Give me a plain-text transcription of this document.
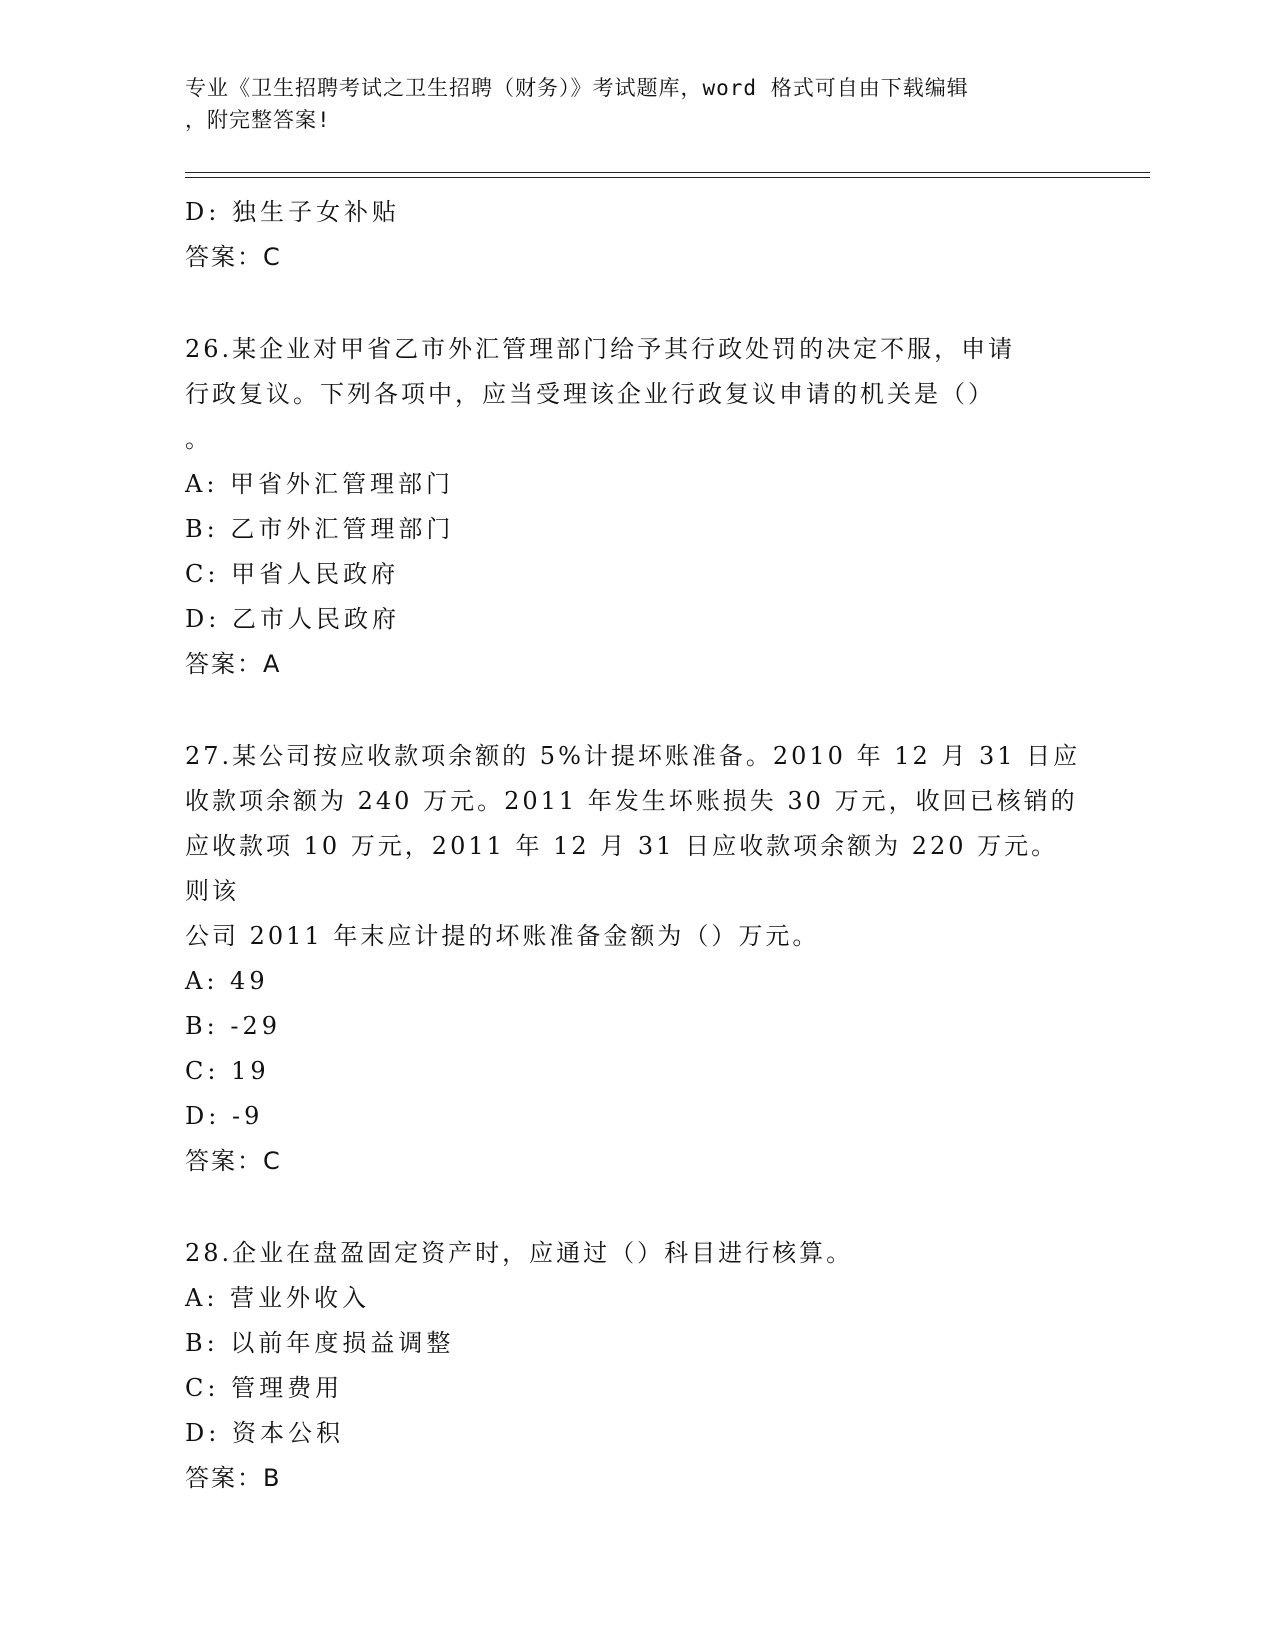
专业《卫生招聘考试之卫生招聘（财务）》考试题库，word 格式可自由下载编辑
，附完整答案!
D: 独生子女补贴
答案：C
26.某企业对甲省乙市外汇管理部门给予其行政处罚的决定不服，申请
行政复议。下列各项中，应当受理该企业行政复议申请的机关是（）
。
A: 甲省外汇管理部门
B: 乙市外汇管理部门
C: 甲省人民政府
D: 乙市人民政府
答案：A
27.某公司按应收款项余额的 5%计提坏账准备。2010 年 12 月 31 日应
收款项余额为 240 万元。2011 年发生坏账损失 30 万元，收回已核销的
应收款项 10 万元，2011 年 12 月 31 日应收款项余额为 220 万元。则该
公司 2011 年末应计提的坏账准备金额为（）万元。
A: 49
B: -29
C: 19
D: -9
答案：C
28.企业在盘盈固定资产时，应通过（）科目进行核算。
A: 营业外收入
B: 以前年度损益调整
C: 管理费用
D: 资本公积
答案：B
